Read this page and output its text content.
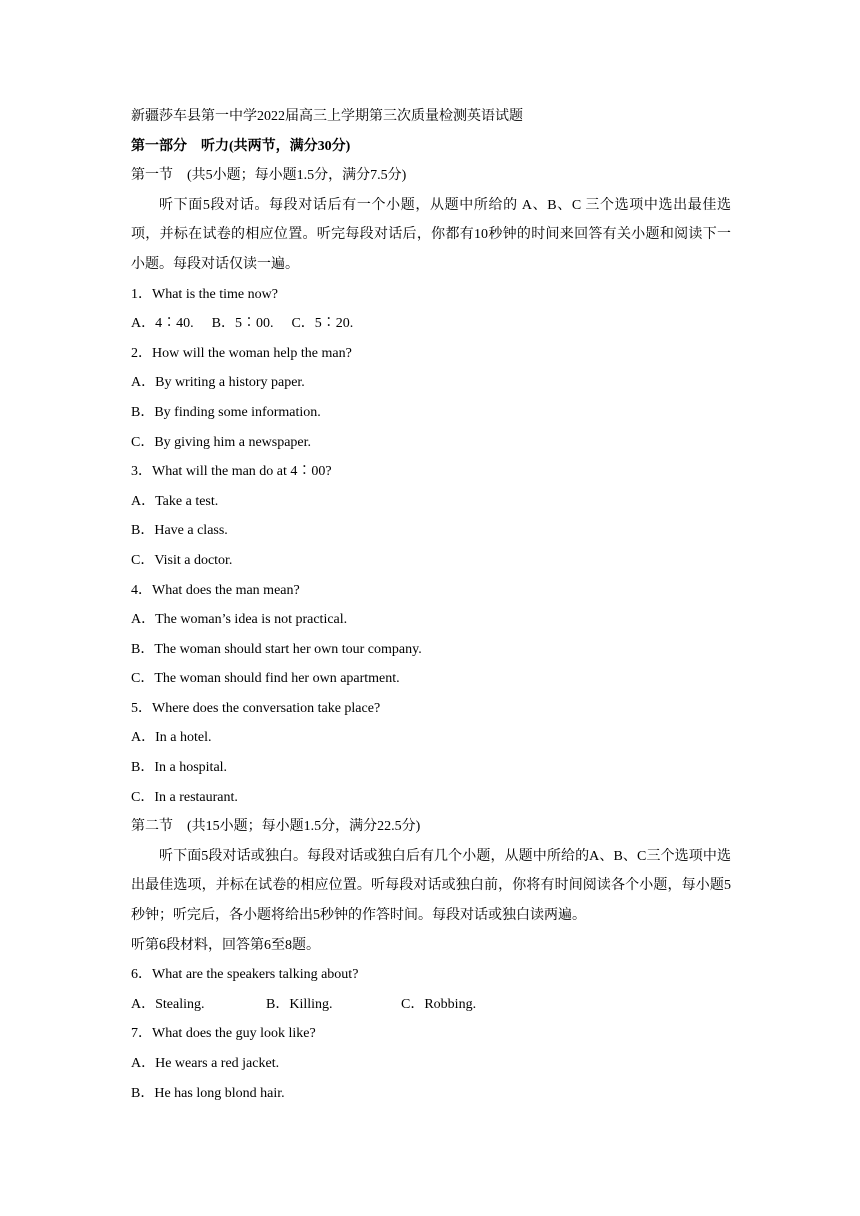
新疆莎车县第一中学2022届高三上学期第三次质量检测英语试题
第一部分　听力(共两节，满分30分)
第一节　(共5小题；每小题1.5分，满分7.5分)
听下面5段对话。每段对话后有一个小题，从题中所给的 A、B、C 三个选项中选出最佳选项，并标在试卷的相应位置。听完每段对话后，你都有10秒钟的时间来回答有关小题和阅读下一小题。每段对话仅读一遍。
1．What is the time now?
A．4∶40. B．5∶00. C．5∶20.
2．How will the woman help the man?
A．By writing a history paper.
B．By finding some information.
C．By giving him a newspaper.
3．What will the man do at 4∶00?
A．Take a test.
B．Have a class.
C．Visit a doctor.
4．What does the man mean?
A．The woman’s idea is not practical.
B．The woman should start her own tour company.
C．The woman should find her own apartment.
5．Where does the conversation take place?
A．In a hotel.
B．In a hospital.
C．In a restaurant.
第二节　(共15小题；每小题1.5分，满分22.5分)
听下面5段对话或独白。每段对话或独白后有几个小题，从题中所给的A、B、C三个选项中选出最佳选项，并标在试卷的相应位置。听每段对话或独白前，你将有时间阅读各个小题，每小题5秒钟；听完后，各小题将给出5秒钟的作答时间。每段对话或独白读两遍。
听第6段材料，回答第6至8题。
6．What are the speakers talking about?
A．Stealing.	B．Killing.	C．Robbing.
7．What does the guy look like?
A．He wears a red jacket.
B．He has long blond hair.
